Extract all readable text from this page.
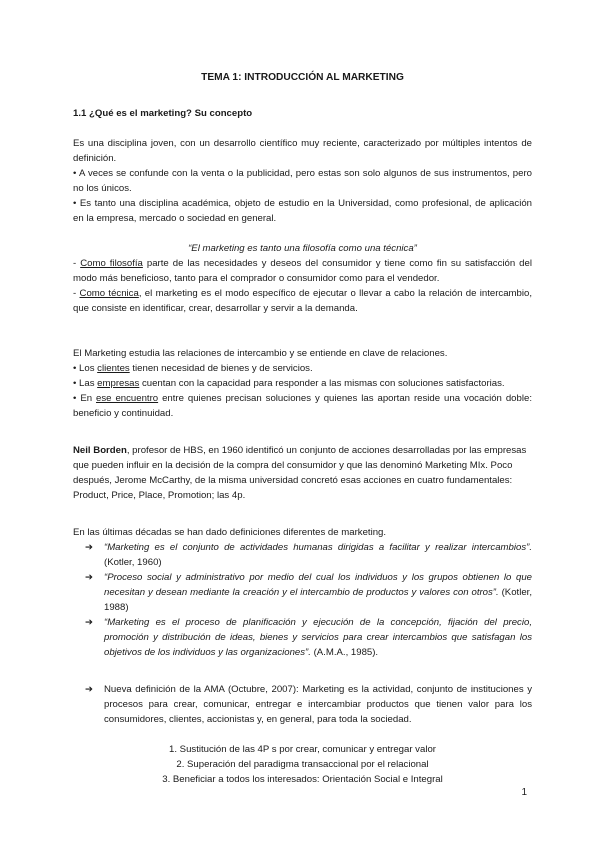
TEMA 1: INTRODUCCIÓN AL MARKETING

1.1 ¿Qué es el marketing? Su concepto

Es una disciplina joven, con un desarrollo científico muy reciente, caracterizado por múltiples intentos de definición.

• A veces se confunde con la venta o la publicidad, pero estas son solo algunos de sus instrumentos, pero no los únicos.

• Es tanto una disciplina académica, objeto de estudio en la Universidad, como profesional, de aplicación en la empresa, mercado o sociedad en general.

“El marketing es tanto una filosofía como una técnica”

- Como filosofía parte de las necesidades y deseos del consumidor y tiene como fin su satisfacción del modo más beneficioso, tanto para el comprador o consumidor como para el vendedor.

- Como técnica, el marketing es el modo específico de ejecutar o llevar a cabo la relación de intercambio, que consiste en identificar, crear, desarrollar y servir a la demanda.

El Marketing estudia las relaciones de intercambio y se entiende en clave de relaciones.

• Los clientes tienen necesidad de bienes y de servicios.

• Las empresas cuentan con la capacidad para responder a las mismas con soluciones satisfactorias.

• En ese encuentro entre quienes precisan soluciones y quienes las aportan reside una vocación doble: beneficio y continuidad.

Neil Borden, profesor de HBS, en 1960 identificó un conjunto de acciones desarrolladas por las empresas que pueden influir en la decisión de la compra del consumidor y que las denominó Marketing MIx. Poco después, Jerome McCarthy, de la misma universidad concretó esas acciones en cuatro fundamentales: Product, Price, Place, Promotion; las 4p.

En las últimas décadas se han dado definiciones diferentes de marketing.

➔	“Marketing es el conjunto de actividades humanas dirigidas a facilitar y realizar intercambios”. (Kotler, 1960)

➔	“Proceso social y administrativo por medio del cual los individuos y los grupos obtienen lo que necesitan y desean mediante la creación y el intercambio de productos y valores con otros”. (Kotler, 1988)

➔	“Marketing es el proceso de planificación y ejecución de la concepción, fijación del precio, promoción y distribución de ideas, bienes y servicios para crear intercambios que satisfagan los objetivos de los individuos y las organizaciones”. (A.M.A., 1985).

➔	Nueva definición de la AMA (Octubre, 2007): Marketing es la actividad, conjunto de instituciones y procesos para crear, comunicar, entregar e intercambiar productos que tienen valor para los consumidores, clientes, accionistas y, en general, para toda la sociedad.

1. Sustitución de las 4P s por crear, comunicar y entregar valor

2. Superación del paradigma transaccional por el relacional

3. Beneficiar a todos los interesados: Orientación Social e Integral

1
